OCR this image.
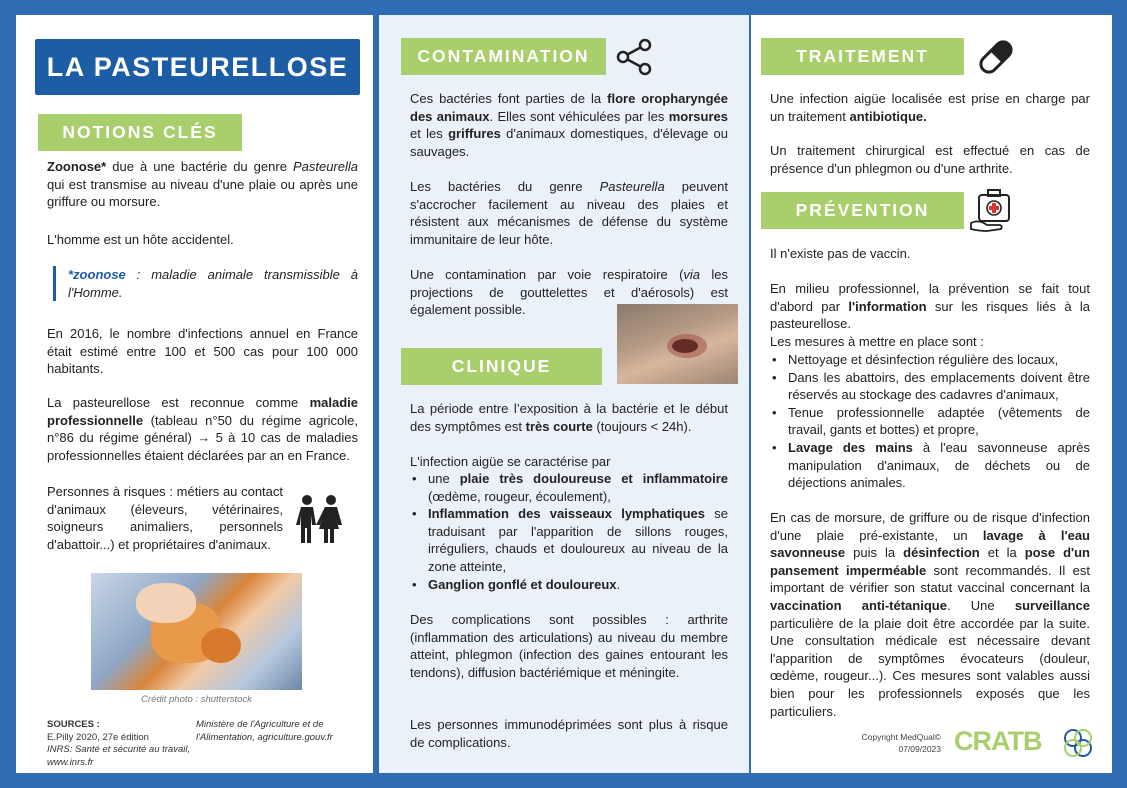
LA PASTEURELLOSE
NOTIONS CLÉS

Zoonose* due à une bactérie du genre Pasteurella qui est transmise au niveau d'une plaie ou après une griffure ou morsure.

L'homme est un hôte accidentel.

*zoonose : maladie animale transmissible à l'Homme.

En 2016, le nombre d'infections annuel en France était estimé entre 100 et 500 cas pour 100 000 habitants.

La pasteurellose est reconnue comme maladie professionnelle (tableau n°50 du régime agricole, n°86 du régime général) → 5 à 10 cas de maladies professionnelles étaient déclarées par an en France.

Personnes à risques : métiers au contact d'animaux (éleveurs, vétérinaires, soigneurs animaliers, personnels d'abattoir...) et propriétaires d'animaux.

Crédit photo : shutterstock

SOURCES :
E.Pilly 2020, 27e édition
INRS: Santé et sécurité au travail,
www.inrs.fr
Ministère de l'Agriculture et de l'Alimentation, agriculture.gouv.fr
CONTAMINATION

Ces bactéries font parties de la flore oropharyngée des animaux. Elles sont véhiculées par les morsures et les griffures d'animaux domestiques, d'élevage ou sauvages.

Les bactéries du genre Pasteurella peuvent s'accrocher facilement au niveau des plaies et résistent aux mécanismes de défense du système immunitaire de leur hôte.

Une contamination par voie respiratoire (via les projections de gouttelettes et d'aérosols) est également possible.

CLINIQUE

La période entre l’exposition à la bactérie et le début des symptômes est très courte (toujours < 24h).

L'infection aigüe se caractérise par

• une plaie très douloureuse et inflammatoire (œdème, rougeur, écoulement),
• Inflammation des vaisseaux lymphatiques se traduisant par l'apparition de sillons rouges, irréguliers, chauds et douloureux au niveau de la zone atteinte,
• Ganglion gonflé et douloureux.

Des complications sont possibles : arthrite (inflammation des articulations) au niveau du membre atteint, phlegmon (infection des gaines entourant les tendons), diffusion bactériémique et méningite.

Les personnes immunodéprimées sont plus à risque de complications.

TRAITEMENT

Une infection aigüe localisée est prise en charge par un traitement antibiotique.

Un traitement chirurgical est effectué en cas de présence d'un phlegmon ou d'une arthrite.

PRÉVENTION

Il n'existe pas de vaccin.

En milieu professionnel, la prévention se fait tout d'abord par l'information sur les risques liés à la pasteurellose.

Les mesures à mettre en place sont :

• Nettoyage et désinfection régulière des locaux,
• Dans les abattoirs, des emplacements doivent être réservés au stockage des cadavres d'animaux,
• Tenue professionnelle adaptée (vêtements de travail, gants et bottes) et propre,
• Lavage des mains à l'eau savonneuse après manipulation d'animaux, de déchets ou de déjections animales.

En cas de morsure, de griffure ou de risque d'infection d'une plaie pré-existante, un lavage à l'eau savonneuse puis la désinfection et la pose d'un pansement imperméable sont recommandés. Il est important de vérifier son statut vaccinal concernant la vaccination anti-tétanique. Une surveillance particulière de la plaie doit être accordée par la suite. Une consultation médicale est nécessaire devant l'apparition de symptômes évocateurs (douleur, œdème, rougeur...). Ces mesures sont valables aussi bien pour les professionnels exposés que les particuliers.

Copyright MedQual©
07/09/2023 CRATB
